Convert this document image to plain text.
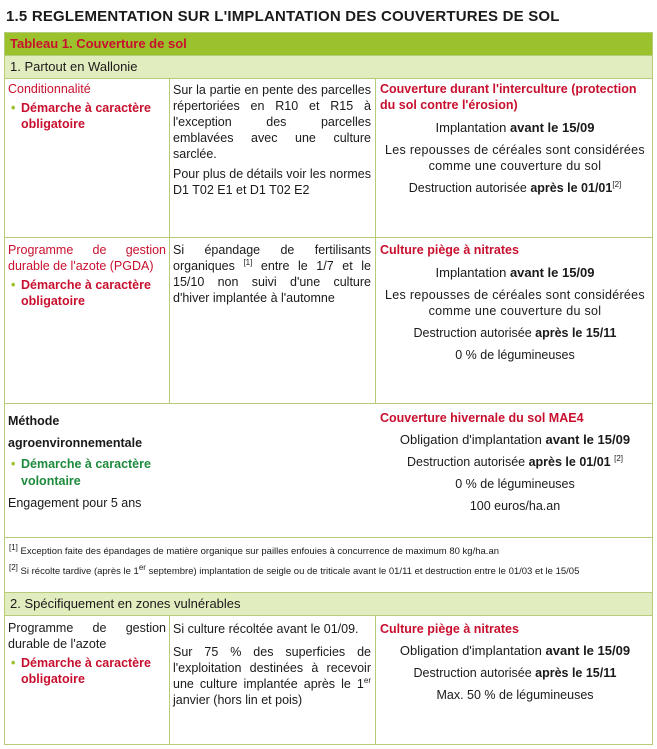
1.5 REGLEMENTATION SUR L'IMPLANTATION DES COUVERTURES DE SOL
Tableau 1. Couverture de sol
1. Partout en Wallonie
Conditionnalité
• Démarche à caractère obligatoire

Sur la partie en pente des parcelles répertoriées en R10 et R15 à l'exception des parcelles emblavées avec une culture sarclée.

Pour plus de détails voir les normes D1 T02 E1 et D1 T02 E2

Couverture durant l'interculture (protection du sol contre l'érosion)
Implantation avant le 15/09
Les repousses de céréales sont considérées comme une couverture du sol
Destruction autorisée après le 01/01[2]
Programme de gestion durable de l'azote (PGDA)
• Démarche à caractère obligatoire
Si épandage de fertilisants organiques [1] entre le 1/7 et le 15/10 non suivi d'une culture d'hiver implantée à l'automne
Culture piège à nitrates
Implantation avant le 15/09
Les repousses de céréales sont considérées comme une couverture du sol
Destruction autorisée après le 15/11
0 % de légumineuses
Méthode
agroenvironnementale
• Démarche à caractère volontaire
Engagement pour 5 ans
Couverture hivernale du sol MAE4
Obligation d'implantation avant le 15/09
Destruction autorisée après le 01/01 [2]
0 % de légumineuses
100 euros/ha.an
[1] Exception faite des épandages de matière organique sur pailles enfouies à concurrence de maximum 80 kg/ha.an
[2] Si récolte tardive (après le 1er septembre) implantation de seigle ou de triticale avant le 01/11 et destruction entre le 01/03 et le 15/05
2. Spécifiquement en zones vulnérables
Programme de gestion durable de l'azote
• Démarche à caractère obligatoire

Si culture récoltée avant le 01/09.

Sur 75 % des superficies de l'exploitation destinées à recevoir une culture implantée après le 1er janvier (hors lin et pois)

Culture piège à nitrates
Obligation d'implantation avant le 15/09
Destruction autorisée après le 15/11
Max. 50 % de légumineuses
